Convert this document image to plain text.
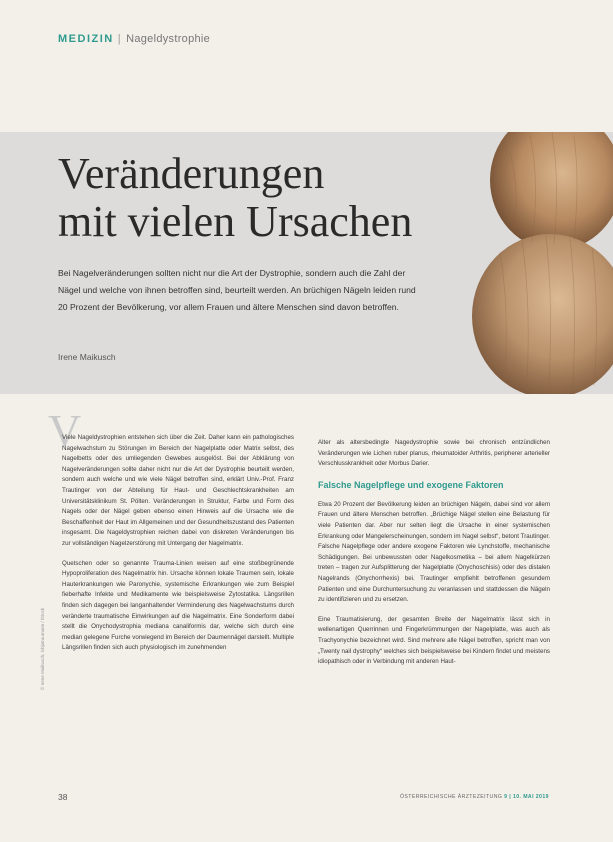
MEDIZIN | Nageldystrophie
Veränderungen
mit vielen Ursachen

Bei Nagelveränderungen sollten nicht nur die Art der Dystrophie, sondern auch die Zahl der Nägel und welche von ihnen betroffen sind, beurteilt werden. An brüchigen Nägeln leiden rund 20 Prozent der Bevölkerung, vor allem Frauen und ältere Menschen sind davon betroffen.

Irene Maikusch
V

Viele Nageldystrophien entstehen sich über die Zeit. Daher kann ein pathologisches Nagelwachstum zu Störungen im Bereich der Nagelplatte oder Matrix selbst, des Nagelbetts oder des umliegenden Gewebes ausgelöst. Bei der Abklärung von Nagelveränderungen sollte daher nicht nur die Art der Dystrophie beurteilt werden, sondern auch welche und wie viele Nägel betroffen sind, erklärt Univ.-Prof. Franz Trautinger von der Abteilung für Haut- und Geschlechtskrankheiten am Universitätsklinikum St. Pölten. Veränderungen in Struktur, Farbe und Form des Nagels oder der Nägel geben ebenso einen Hinweis auf die Ursache wie die Beschaffenheit der Haut im Allgemeinen und der Gesundheitszustand des Patienten insgesamt. Die Nageldystrophien reichen dabei von diskreten Veränderungen bis zur vollständigen Nagelzerstörung mit Untergang der Nagelmatrix.

Quetschen oder so genannte Trauma-Linien weisen auf eine stoßbegrünende Hypoproliferation des Nagelmatrix hin. Ursache können lokale Traumen sein, lokale Hauterkrankungen wie Paronychie, systemische Erkrankungen wie zum Beispiel fieberhafte Infekte und Medikamente wie beispielsweise Zytostatika. Längsrillen finden sich dagegen bei langanhaltender Verminderung des Nagelwachstums durch veränderte traumatische Einwirkungen auf die Nagelmatrix. Eine Sonderform dabei stellt die Onychodystrophia mediana canaliformis dar, welche sich durch eine median gelegene Furche vorwiegend im Bereich der Daumennägel darstellt. Multiple Längsrillen finden sich auch physiologisch im zunehmenden

Alter als altersbedingte Nagedystrophie sowie bei chronisch entzündlichen Veränderungen wie Lichen ruber planus, rheumatoider Arthritis, peripherer arterieller Verschlusskrankheit oder Morbus Darier.

Falsche Nagelpflege und exogene Faktoren

Etwa 20 Prozent der Bevölkerung leiden an brüchigen Nägeln, dabei sind vor allem Frauen und ältere Menschen betroffen. „Brüchige Nägel stellen eine Belastung für viele Patienten dar. Aber nur selten liegt die Ursache in einer systemischen Erkrankung oder Mangelerscheinungen, sondern im Nagel selbst“, betont Trautinger. Falsche Nagelpflege oder andere exogene Faktoren wie Lynchstoffe, mechanische Schädigungen. Bei unbewussten oder Nagelkosmetika – bei allem Nagelkürzen treten – tragen zur Aufsplitterung der Nagelplatte (Onychoschisis) oder des distalen Nagelrands (Onychorrhexis) bei. Trautinger empfiehlt betroffenen gesundem Patienten und eine Durchuntersuchung zu veranlassen und stattdessen die Nägeln zu identifizieren und zu ersetzen.

Eine Traumatisierung, der gesamten Breite der Nagelmatrix lässt sich in wellenartigen Querrinnen und Fingerkrümmungen der Nagelplatte, was auch als Trachyonychie bezeichnet wird. Sind mehrere alle Nägel betroffen, spricht man von „Twenty nail dystrophy“ welches sich beispielsweise bei Kindern findet und meistens idiopathisch oder in Verbindung mit anderen Haut-

© Irene Maikusch; lobjatraumann / iStock
38	ÖSTERREICHISCHE ÄRZTEZEITUNG 9 | 10. MAI 2019
